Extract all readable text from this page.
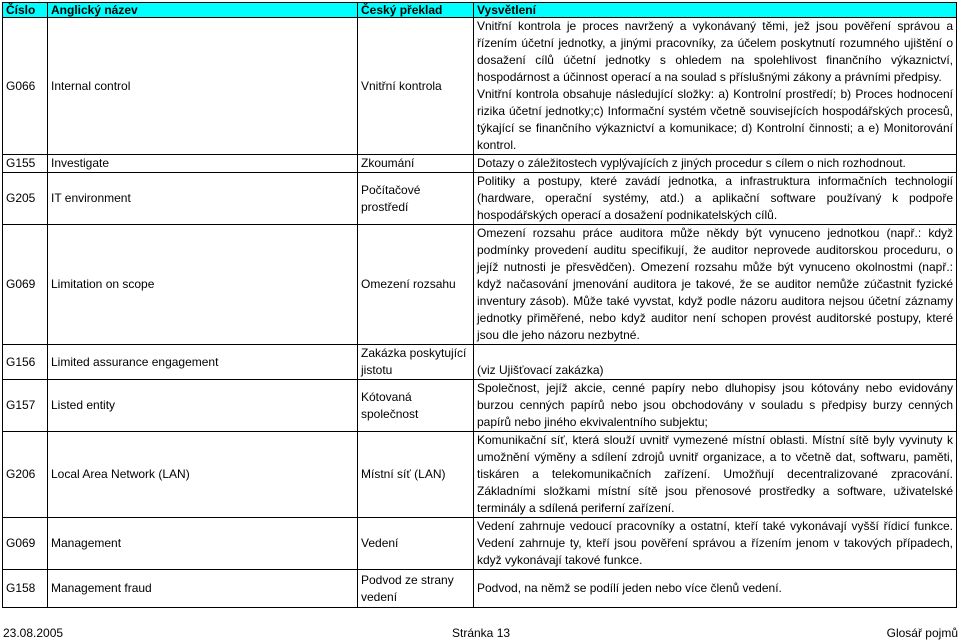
Číslo	Anglický název	Český překlad	Vysvětlení
G066	Internal control	Vnitřní kontrola	Vnitřní kontrola je proces navržený a vykonávaný těmi, jež jsou pověření správou a řízením účetní jednotky, a jinými pracovníky, za účelem poskytnutí rozumného ujištění o dosažení cílů účetní jednotky s ohledem na spolehlivost finančního výkaznictví, hospodárnost a účinnost operací a na soulad s příslušnými zákony a právními předpisy.

Vnitřní kontrola obsahuje následující složky: a) Kontrolní prostředí; b) Proces hodnocení rizika účetní jednotky;c) Informační systém včetně souvisejících hospodářských procesů, týkající se finančního výkaznictví a komunikace; d) Kontrolní činnosti; a e) Monitorování kontrol.

G155	Investigate	Zkoumání	Dotazy o záležitostech vyplývajících z jiných procedur s cílem o nich rozhodnout.
G205	IT environment	Počítačové prostředí	Politiky a postupy, které zavádí jednotka, a infrastruktura informačních technologií (hardware, operační systémy, atd.) a aplikační software používaný k podpoře hospodářských operací a dosažení podnikatelských cílů.
G069	Limitation on scope	Omezení rozsahu	Omezení rozsahu práce auditora může někdy být vynuceno jednotkou (např.: když podmínky provedení auditu specifikují, že auditor neprovede auditorskou proceduru, o jejíž nutnosti je přesvědčen). Omezení rozsahu může být vynuceno okolnostmi (např.: když načasování jmenování auditora je takové, že se auditor nemůže zúčastnit fyzické inventury zásob). Může také vyvstat, když podle názoru auditora nejsou účetní záznamy jednotky přiměřené, nebo když auditor není schopen provést auditorské postupy, které jsou dle jeho názoru nezbytné.
G156	Limited assurance engagement	Zakázka poskytující jistotu	(viz Ujišťovací zakázka)
G157	Listed entity	Kótovaná společnost	Společnost, jejíž akcie, cenné papíry nebo dluhopisy jsou kótovány nebo evidovány burzou cenných papírů nebo jsou obchodovány v souladu s předpisy burzy cenných papírů nebo jiného ekvivalentního subjektu;
G206	Local Area Network (LAN)	Místní síť (LAN)	Komunikační síť, která slouží uvnitř vymezené místní oblasti. Místní sítě byly vyvinuty k umožnění výměny a sdílení zdrojů uvnitř organizace, a to včetně dat, softwaru, paměti, tiskáren a telekomunikačních zařízení. Umožňují decentralizované zpracování. Základními složkami místní sítě jsou přenosové prostředky a software, uživatelské terminály a sdílená periferní zařízení.
G069	Management	Vedení	Vedení zahrnuje vedoucí pracovníky a ostatní, kteří také vykonávají vyšší řídicí funkce. Vedení zahrnuje ty, kteří jsou pověření správou a řízením jenom v takových případech, když vykonávají takové funkce.
G158	Management fraud	Podvod ze strany vedení	Podvod, na němž se podílí jeden nebo více členů vedení.
23.08.2005	Stránka 13	Glosář pojmů
